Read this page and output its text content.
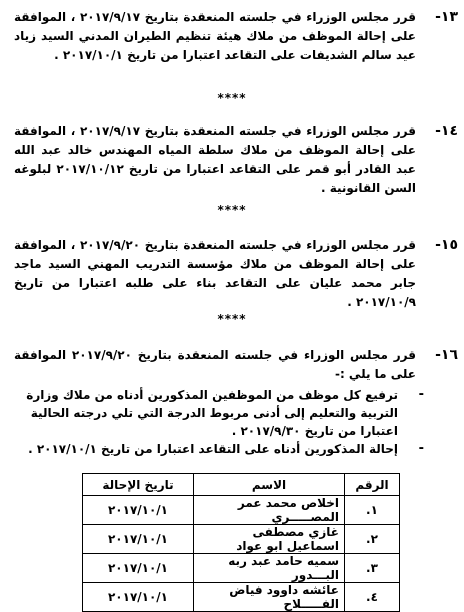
-١٣
قرر مجلس الوزراء في جلسته المنعقدة بتاريخ ٢٠١٧/٩/١٧ ، الموافقة على إحالة الموظف من ملاك هيئة تنظيم الطيران المدني السيد زياد عيد سالم الشديفات على التقاعد اعتبارا من تاريخ ٢٠١٧/١٠/١ .
****
-١٤
قرر مجلس الوزراء في جلسته المنعقدة بتاريخ ٢٠١٧/٩/١٧ ، الموافقة على إحالة الموظف من ملاك سلطة المياه المهندس خالد عبد الله عبد القادر أبو قمر على التقاعد اعتبارا من تاريخ ٢٠١٧/١٠/١٢ لبلوغه السن القانونية .
****
-١٥
قرر مجلس الوزراء في جلسته المنعقدة بتاريخ ٢٠١٧/٩/٢٠ ، الموافقة على إحالة الموظف من ملاك مؤسسة التدريب المهني السيد ماجد جابر محمد عليان على التقاعد بناء على طلبه اعتبارا من تاريخ ٢٠١٧/١٠/٩ .
****
-١٦
قرر مجلس الوزراء في جلسته المنعقدة بتاريخ ٢٠١٧/٩/٢٠ الموافقة على ما يلي :-
-
ترفيع كل موظف من الموظفين المذكورين أدناه من ملاك وزارة التربية والتعليم إلى أدنى مربوط الدرجة التي تلي درجته الحالية اعتبارا من تاريخ ٢٠١٧/٩/٣٠ .
-
إحالة المذكورين أدناه على التقاعد اعتبارا من تاريخ ٢٠١٧/١٠/١ .
الرقم	الاسم	تاريخ الإحالة
١.	اخلاص محمد عمر المصـــــري	٢٠١٧/١٠/١
٢.	غازي مصطفى اسماعيل ابو عواد	٢٠١٧/١٠/١
٣.	سميه حامد عبد ربه البـــدور	٢٠١٧/١٠/١
٤.	عائشه داوود فياض الفـــــلاح	٢٠١٧/١٠/١
